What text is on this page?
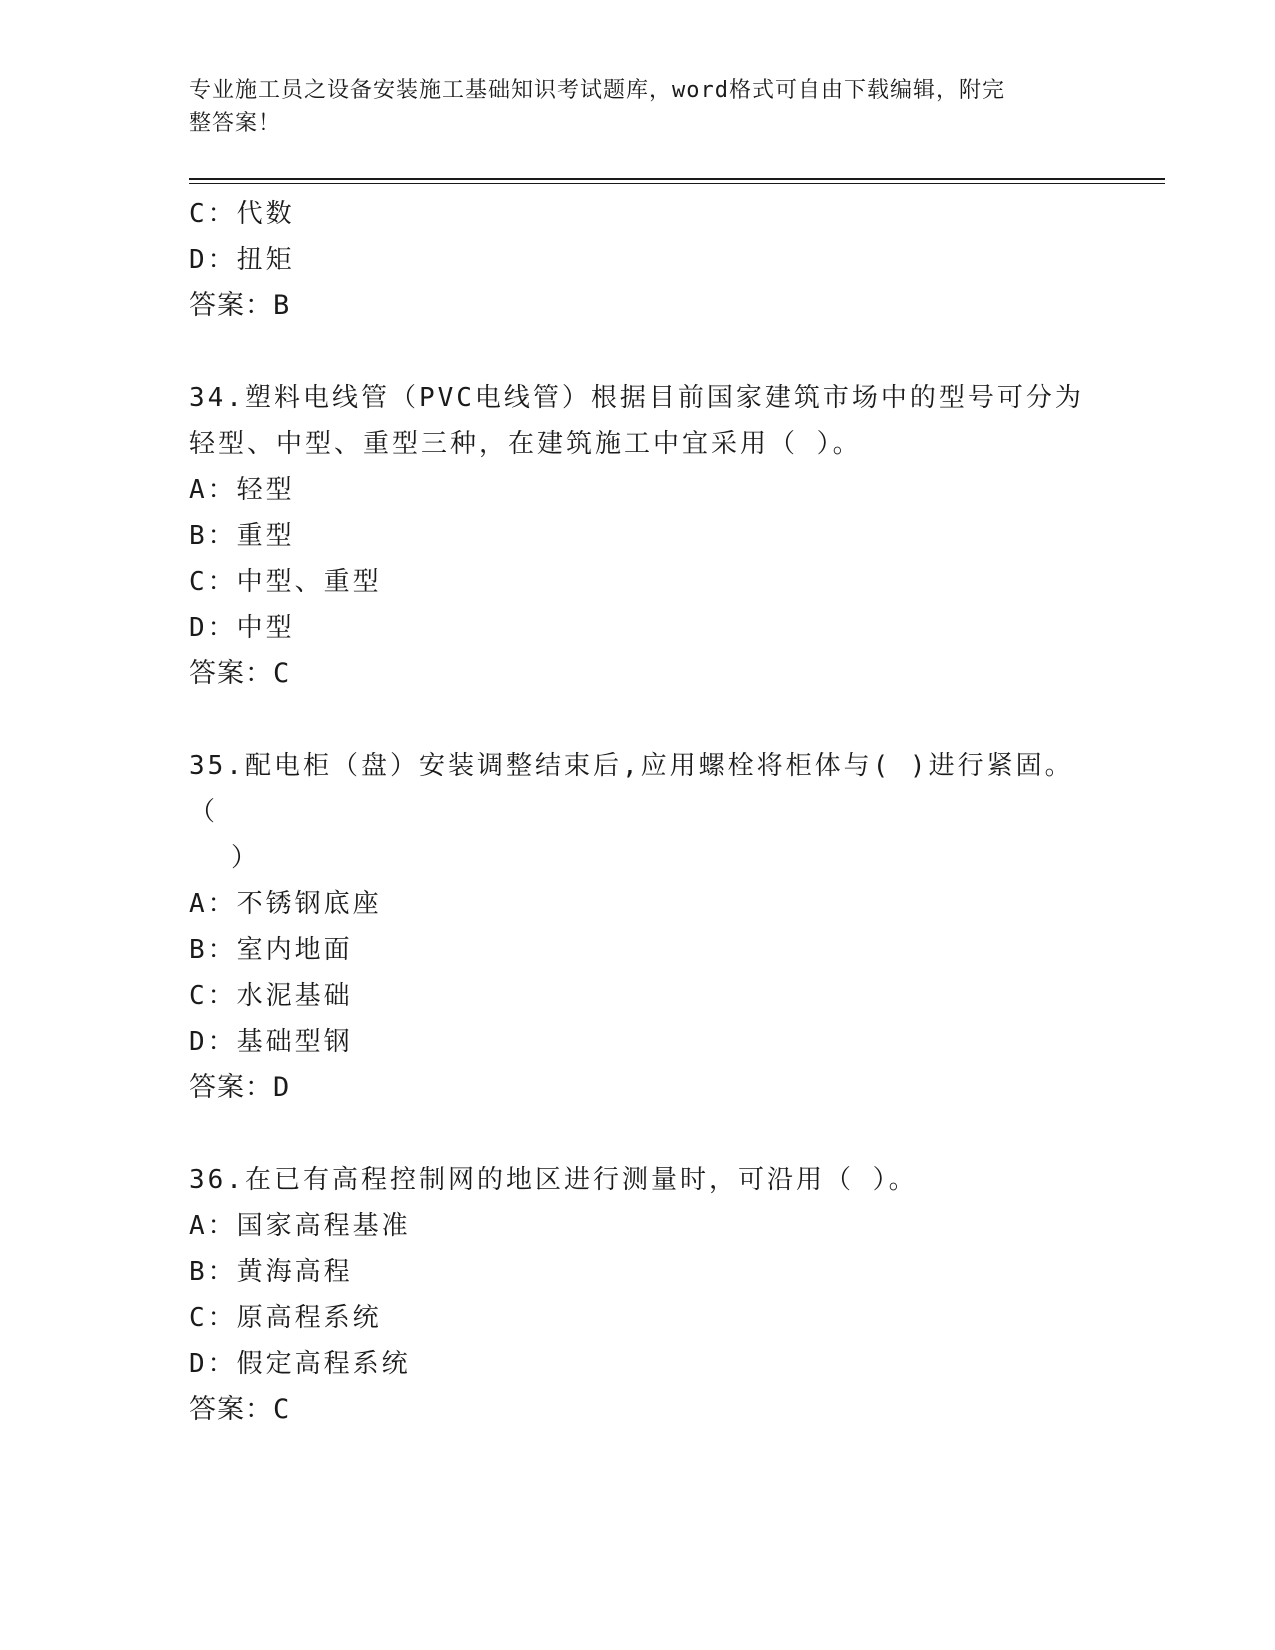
专业施工员之设备安装施工基础知识考试题库，word格式可自由下载编辑，附完
整答案！
C：代数
D：扭矩
答案：B
34.塑料电线管（PVC电线管）根据目前国家建筑市场中的型号可分为
轻型、中型、重型三种，在建筑施工中宜采用（ ）。
A：轻型
B：重型
C：中型、重型
D：中型
答案：C
35.配电柜（盘）安装调整结束后,应用螺栓将柜体与( )进行紧固。（
）
A：不锈钢底座
B：室内地面
C：水泥基础
D：基础型钢
答案：D
36.在已有高程控制网的地区进行测量时，可沿用（ ）。
A：国家高程基准
B：黄海高程
C：原高程系统
D：假定高程系统
答案：C
